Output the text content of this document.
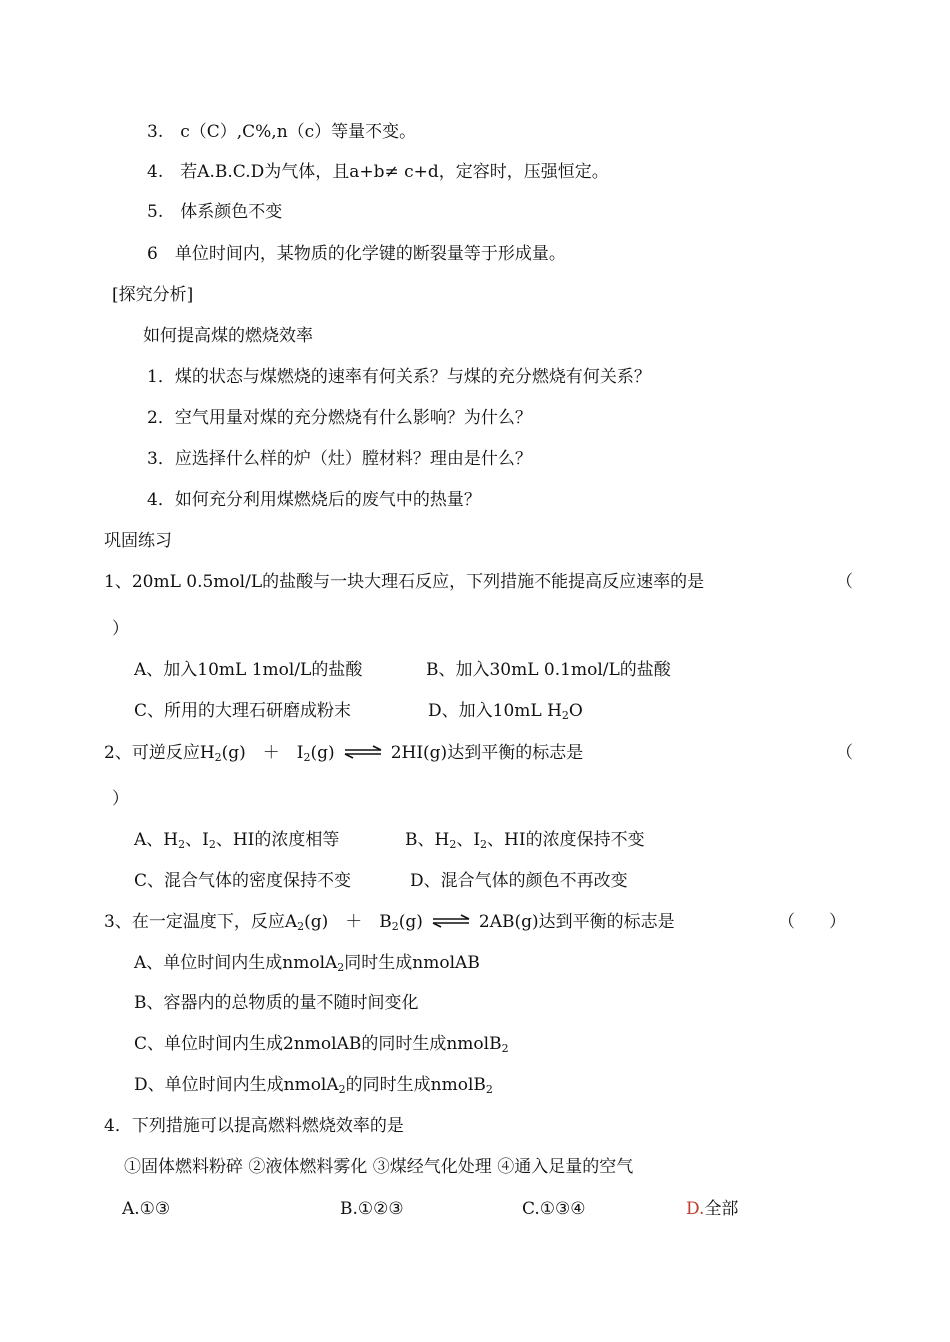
3.　c（C）,C%,n（c）等量不变。
4.　若A.B.C.D为气体，且a+b≠ c+d，定容时，压强恒定。
5.　体系颜色不变
6　单位时间内，某物质的化学键的断裂量等于形成量。
[探究分析]
如何提高煤的燃烧效率
1．煤的状态与煤燃烧的速率有何关系？与煤的充分燃烧有何关系？
2．空气用量对煤的充分燃烧有什么影响？为什么？
3．应选择什么样的炉（灶）膛材料？理由是什么？
4．如何充分利用煤燃烧后的废气中的热量？
巩固练习
1、20mL 0.5mol/L的盐酸与一块大理石反应，下列措施不能提高反应速率的是	（
）
A、加入10mL 1mol/L的盐酸	B、加入30mL 0.1mol/L的盐酸
C、所用的大理石研磨成粉末	D、加入10mL $H_2O$
2、可逆反应$H_2(g)$　＋　$I_2(g)$ ⇌ 2HI(g)达到平衡的标志是	（
）
A、$H_2$、$I_2$、HI的浓度相等	B、$H_2$、$I_2$、HI的浓度保持不变
C、混合气体的密度保持不变	D、混合气体的颜色不再改变
3、在一定温度下，反应$A_2(g)$　＋　$B_2(g)$ ⇌ 2AB(g)达到平衡的标志是	（　　）
A、单位时间内生成nmolA$_2$同时生成nmolAB
B、容器内的总物质的量不随时间变化
C、单位时间内生成2nmolAB的同时生成nmolB$_2$
D、单位时间内生成nmolA$_2$的同时生成nmolB$_2$
4．下列措施可以提高燃料燃烧效率的是
①固体燃料粉碎 ②液体燃料雾化 ③煤经气化处理 ④通入足量的空气
A.①③	B.①②③	C.①③④	D.全部
